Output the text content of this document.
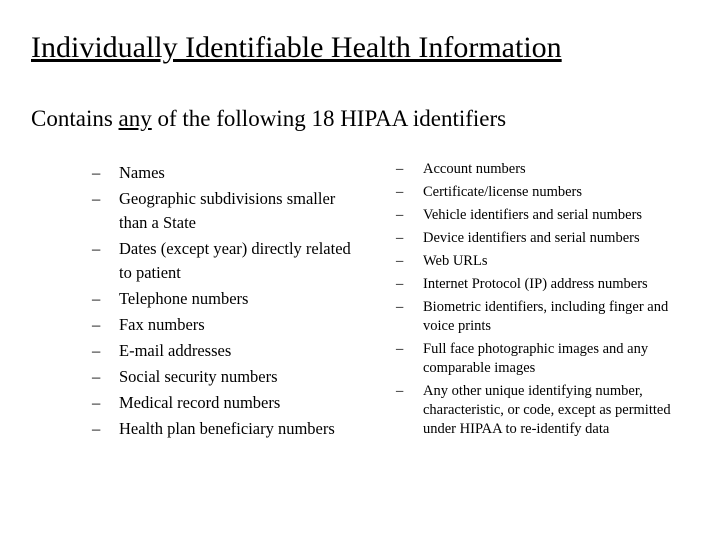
Individually Identifiable Health Information
Contains any of the following 18 HIPAA identifiers
– Names
– Geographic subdivisions smaller than a State
– Dates (except year) directly related to patient
– Telephone numbers
– Fax numbers
– E-mail addresses
– Social security numbers
– Medical record numbers
– Health plan beneficiary numbers
– Account numbers
– Certificate/license numbers
– Vehicle identifiers and serial numbers
– Device identifiers and serial numbers
– Web URLs
– Internet Protocol (IP) address numbers
– Biometric identifiers, including finger and voice prints
– Full face photographic images and any comparable images
– Any other unique identifying number, characteristic, or code, except as permitted under HIPAA to re-identify data
